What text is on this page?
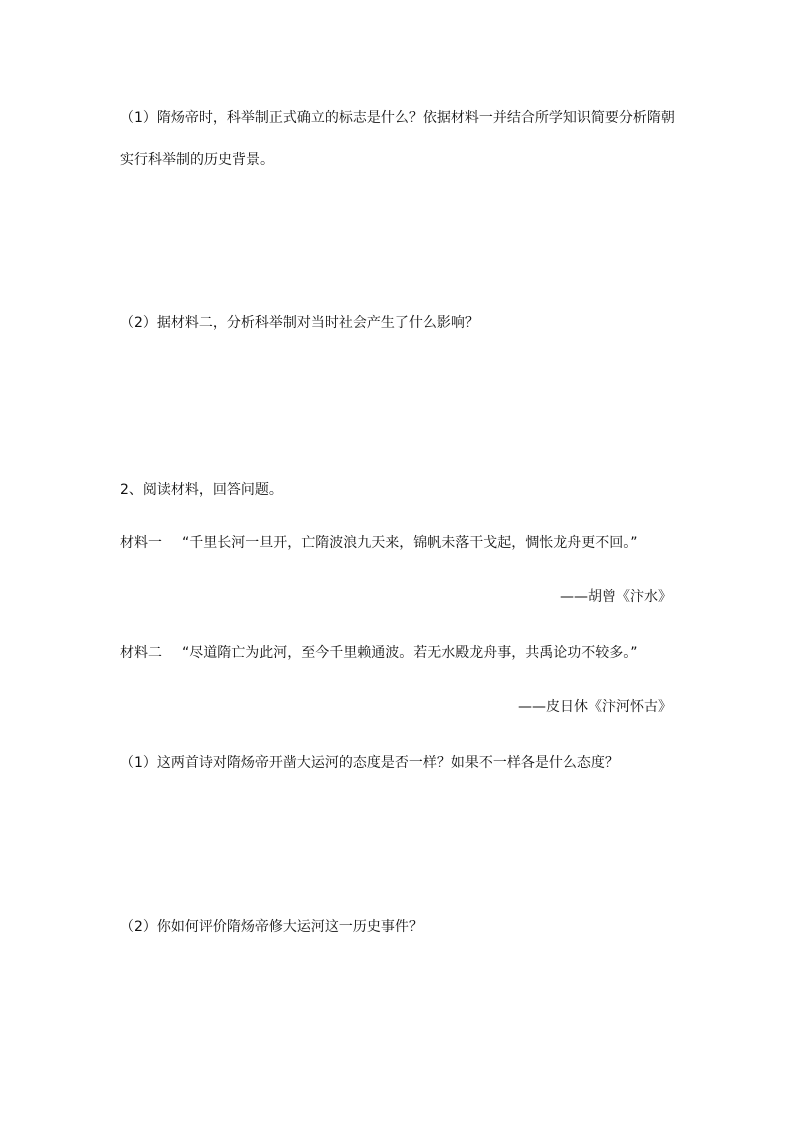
（1）隋炀帝时，科举制正式确立的标志是什么？依据材料一并结合所学知识简要分析隋朝
实行科举制的历史背景。
（2）据材料二，分析科举制对当时社会产生了什么影响？
2、阅读材料，回答问题。
材料一 “千里长河一旦开，亡隋波浪九天来，锦帆未落干戈起，惆怅龙舟更不回。”
——胡曾《汴水》
材料二 “尽道隋亡为此河，至今千里赖通波。若无水殿龙舟事，共禹论功不较多。”
——皮日休《汴河怀古》
（1）这两首诗对隋炀帝开凿大运河的态度是否一样？如果不一样各是什么态度？
（2）你如何评价隋炀帝修大运河这一历史事件？
